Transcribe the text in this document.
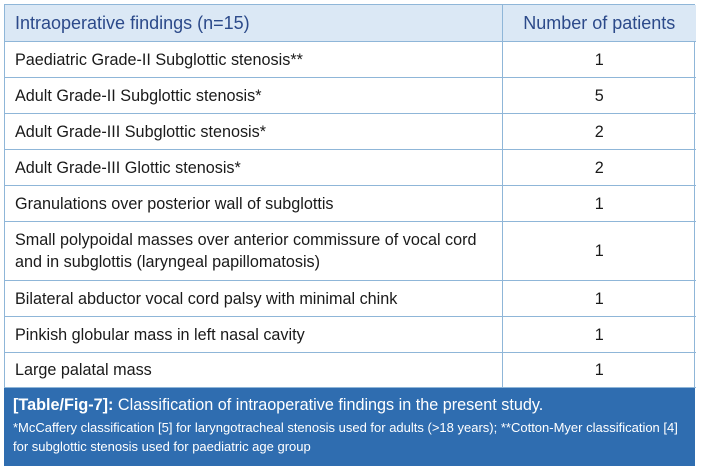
Intraoperative findings (n=15)	Number of patients
Paediatric Grade-II Subglottic stenosis**	1
Adult Grade-II Subglottic stenosis*	5
Adult Grade-III Subglottic stenosis*	2
Adult Grade-III Glottic stenosis*	2
Granulations over posterior wall of subglottis	1
Small polypoidal masses over anterior commissure of vocal cord and in subglottis (laryngeal papillomatosis)	1
Bilateral abductor vocal cord palsy with minimal chink	1
Pinkish globular mass in left nasal cavity	1
Large palatal mass	1
[Table/Fig-7]: Classification of intraoperative findings in the present study.
*McCaffery classification [5] for laryngotracheal stenosis used for adults (>18 years); **Cotton-Myer classification [4] for subglottic stenosis used for paediatric age group
